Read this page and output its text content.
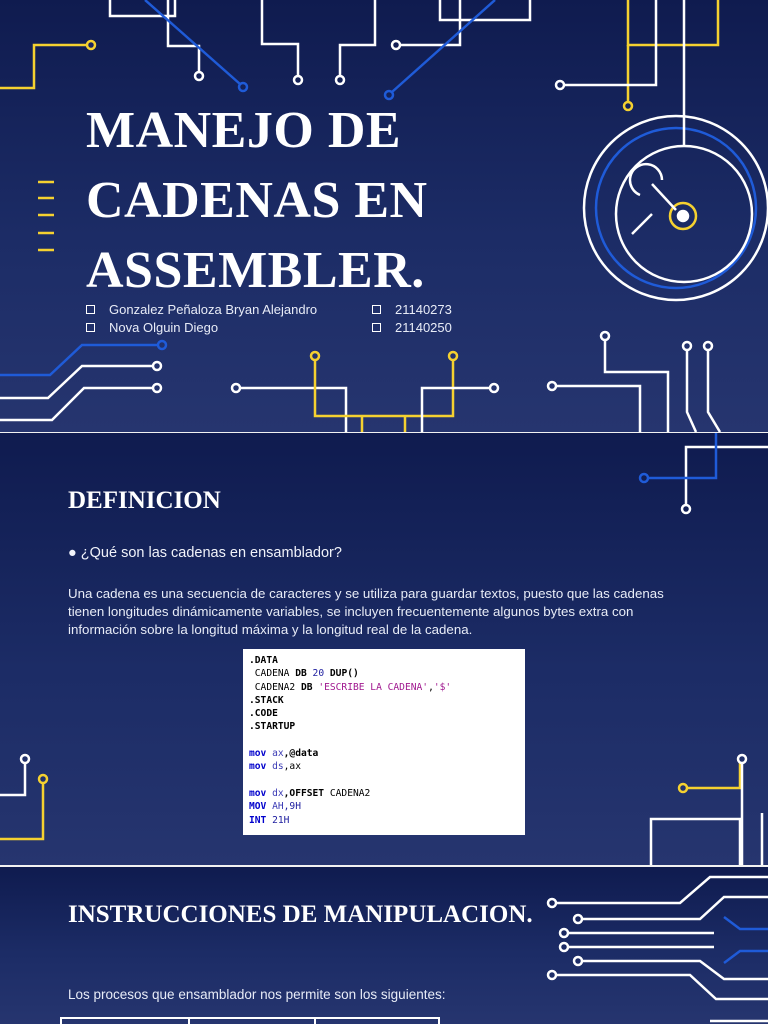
MANEJO DE CADENAS EN ASSEMBLER.
Gonzalez Peñaloza Bryan Alejandro
Nova Olguin Diego
21140273
21140250
DEFINICION

● ¿Qué son las cadenas en ensamblador?

Una cadena es una secuencia de caracteres y se utiliza para guardar textos, puesto que las cadenas tienen longitudes dinámicamente variables, se incluyen frecuentemente algunos bytes extra con información sobre la longitud máxima y la longitud real de la cadena.

.DATA
CADENA DB 20 DUP()
CADENA2 DB 'ESCRIBE LA CADENA','$'
.STACK
.CODE
.STARTUP
mov ax,@data
mov ds,ax
mov dx,OFFSET CADENA2
MOV AH,9H
INT 21H
INSTRUCCIONES DE MANIPULACION.

Los procesos que ensamblador nos permite son los siguientes:
